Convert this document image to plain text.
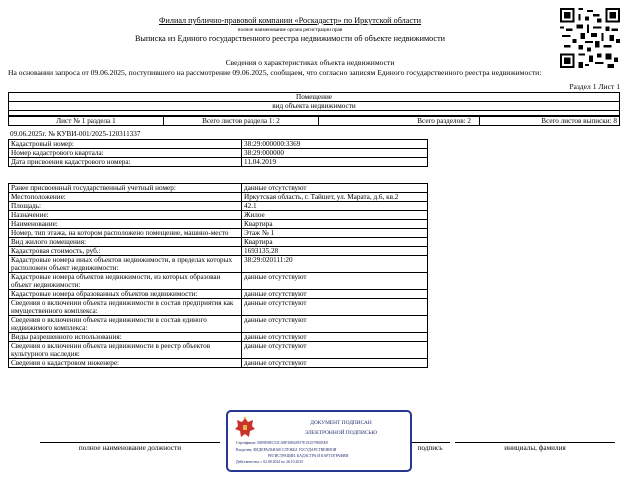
Филиал публично-правовой компании «Роскадастр» по Иркутской области
полное наименование органа регистрации прав
Выписка из Единого государственного реестра недвижимости об объекте недвижимости
Сведения о характеристиках объекта недвижимости
На основании запроса от 09.06.2025, поступившего на рассмотрение 09.06.2025, сообщаем, что согласно записям Единого государственного реестра недвижимости:
Раздел 1 Лист 1
Помещение
вид объекта недвижимости

Лист № 1 раздела 1	Всего листов раздела 1: 2	Всего разделов: 2	Всего листов выписки: 8
09.06.2025г. № КУВИ-001/2025-120311337
Кадастровый номер:	38:29:000000:3369
Номер кадастрового квартала:	38:29:000000
Дата присвоения кадастрового номера:	11.04.2019
Ранее присвоенный государственный учетный номер:	данные отсутствуют
Местоположение:	Иркутская область, г. Тайшет, ул. Марата, д.6, кв.2
Площадь:	42.1
Назначение:	Жилое
Наименование:	Квартира
Номер, тип этажа, на котором расположено помещение, машино-место	Этаж № 1
Вид жилого помещения:	Квартира
Кадастровая стоимость, руб.:	1693135.28
Кадастровые номера иных объектов недвижимости, в пределах которых расположен объект недвижимости:	38:29:020111:20
Кадастровые номера объектов недвижимости, из которых образован объект недвижимости:	данные отсутствуют
Кадастровые номера образованных объектов недвижимости:	данные отсутствуют
Сведения о включении объекта недвижимости в состав предприятия как имущественного комплекса:	данные отсутствуют
Сведения о включении объекта недвижимости в состав единого недвижимого комплекса:	данные отсутствуют
Виды разрешенного использования:	данные отсутствуют
Сведения о включении объекта недвижимости в реестр объектов культурного наследия:	данные отсутствуют
Сведения о кадастровом инженере:	данные отсутствуют
полное наименование должности	подпись	инициалы, фамилия
ДОКУМЕНТ ПОДПИСАН
ЭЛЕКТРОННОЙ ПОДПИСЬЮ
Сертификат: 00F0E8EC53CA8F30B43957E1E2579B05E0
Владелец: ФЕДЕРАЛЬНАЯ СЛУЖБА ГОСУДАРСТВЕННОЙ
РЕГИСТРАЦИИ, КАДАСТРА И КАРТОГРАФИИ
Действителен: с 02.08.2024 по 26.10.2025
